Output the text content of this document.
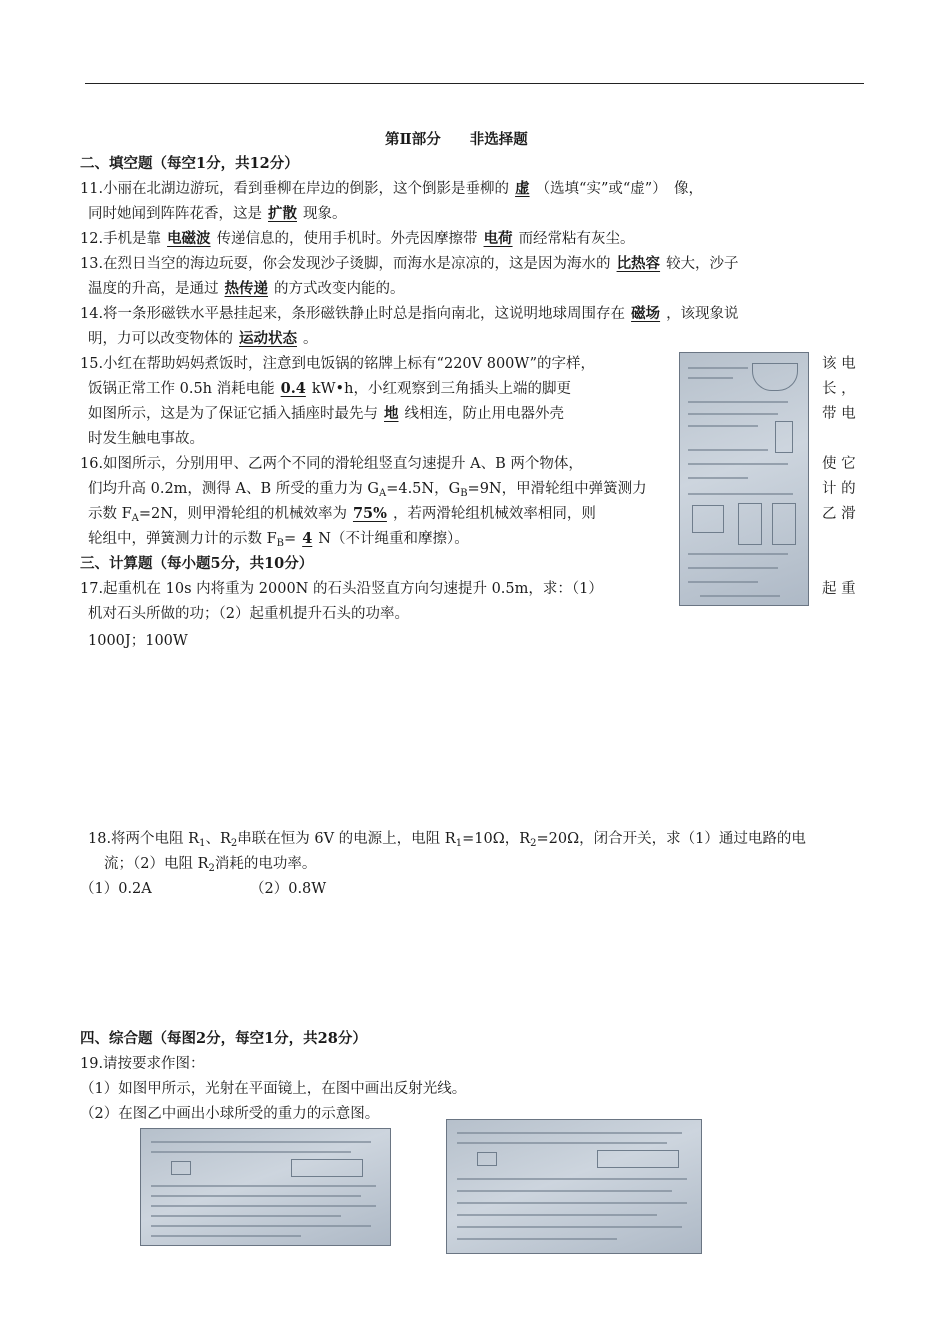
第Ⅱ部分　　非选择题
二、填空题（每空1分，共12分）
11.小丽在北湖边游玩，看到垂柳在岸边的倒影，这个倒影是垂柳的 虚 （选填“实”或“虚”）　像，
同时她闻到阵阵花香，这是 扩散 现象。
12.手机是靠 电磁波 传递信息的，使用手机时。外壳因摩擦带 电荷 而经常粘有灰尘。
13.在烈日当空的海边玩耍，你会发现沙子烫脚，而海水是凉凉的，这是因为海水的 比热容 较大，沙子
温度的升高，是通过 热传递 的方式改变内能的。
14.将一条形磁铁水平悬挂起来，条形磁铁静止时总是指向南北，这说明地球周围存在 磁场 ，该现象说
明，力可以改变物体的 运动状态 。
15.小红在帮助妈妈煮饭时，注意到电饭锅的铭牌上标有“220V 800W”的字样，	该 电
饭锅正常工作 0.5h 消耗电能 0.4 kW•h，小红观察到三角插头上端的脚更	长 ，
如图所示，这是为了保证它插入插座时最先与 地 线相连，防止用电器外壳	带 电
时发生触电事故。
16.如图所示，分别用甲、乙两个不同的滑轮组竖直匀速提升 A、B 两个物体，	使 它
们均升高 0.2m，测得 A、B 所受的重力为 $G_A=4.5N$，$G_B=9N$，甲滑轮组中弹簧测力	计 的
示数 $F_A=2N$，则甲滑轮组的机械效率为 75% ，若两滑轮组机械效率相同，则	乙 滑
轮组中，弹簧测力计的示数 $F_B= 4$ N（不计绳重和摩擦）。
三、计算题（每小题5分，共10分）
17.起重机在 10s 内将重为 2000N 的石头沿竖直方向匀速提升 0.5m，求：（1）	起 重
机对石头所做的功；（2）起重机提升石头的功率。
1000J；100W
18.将两个电阻 $R_1$、$R_2$串联在恒为 6V 的电源上，电阻 $R_1=10\Omega$，$R_2=20\Omega$，闭合开关，求（1）通过电路的电
流；（2）电阻 $R_2$消耗的电功率。
（1）0.2A	（2）0.8W
四、综合题（每图2分，每空1分，共28分）
19.请按要求作图：
（1）如图甲所示，光射在平面镜上，在图中画出反射光线。
（2）在图乙中画出小球所受的重力的示意图。
